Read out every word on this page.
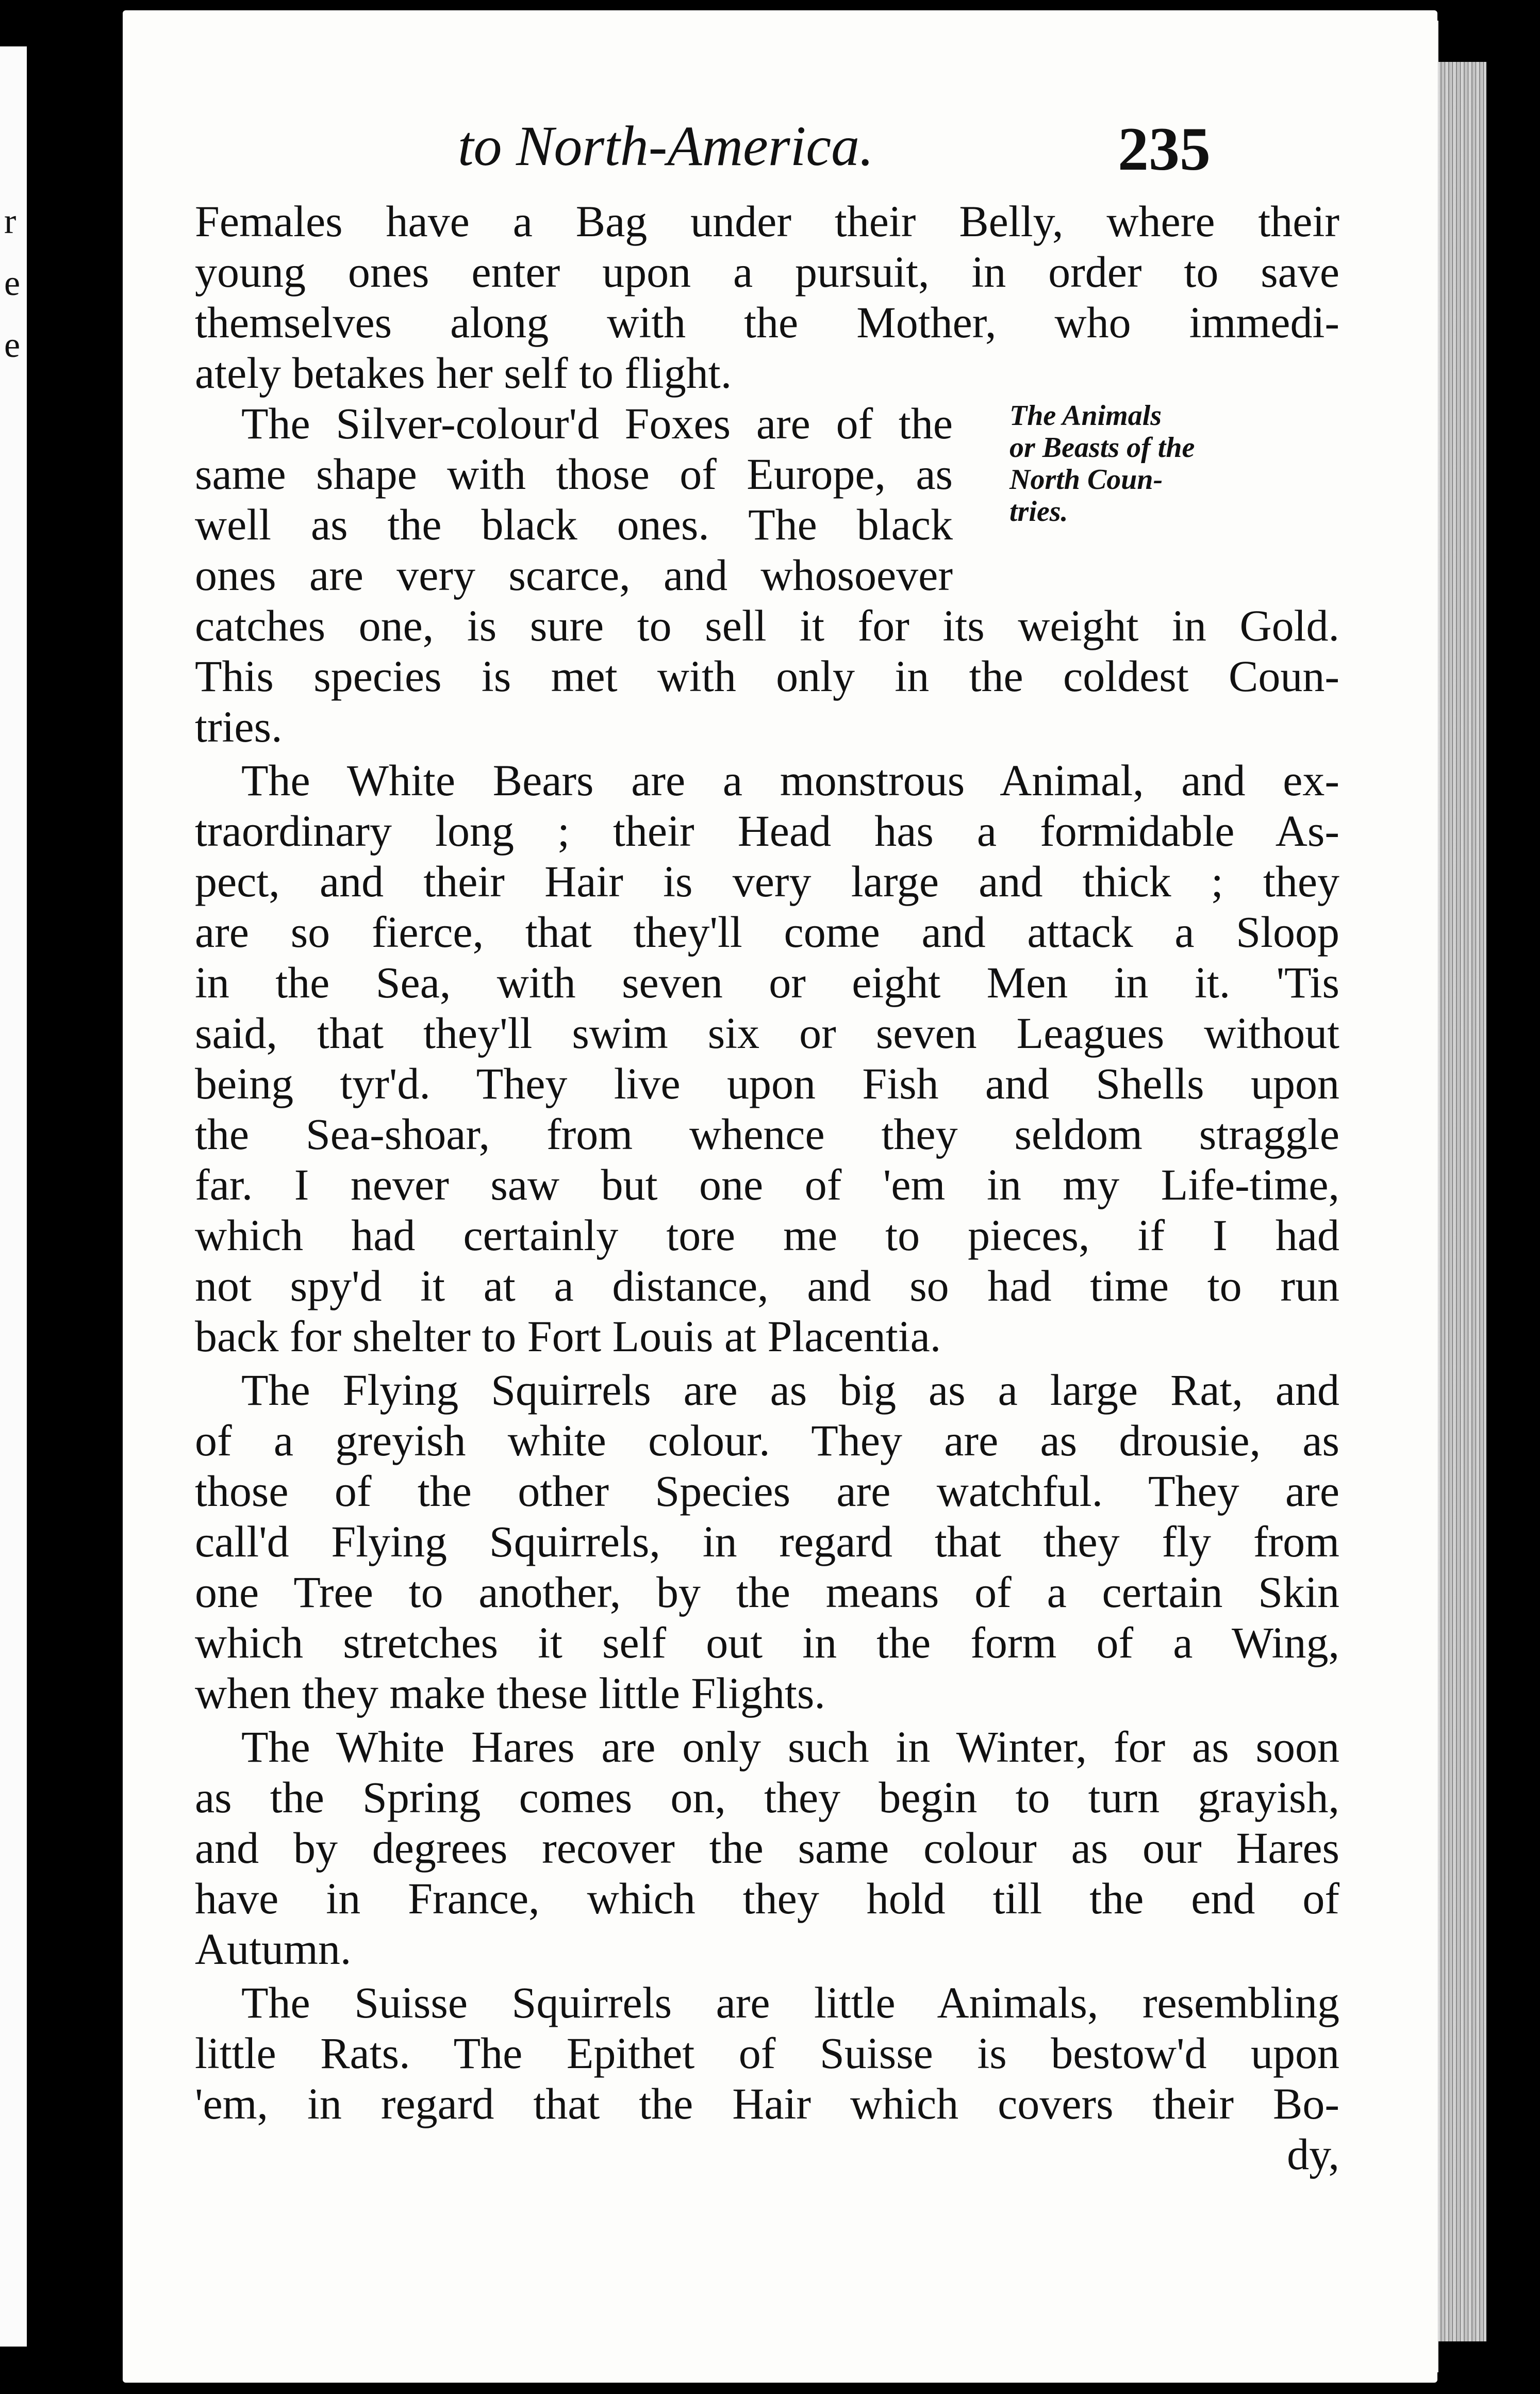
r
e
e
to North-America.	235
The Animals
or Beasts of the
North Coun-
tries.
Females have a Bag under their Belly, where their
young ones enter upon a pursuit, in order to save
themselves along with the Mother, who immedi-
ately betakes her self to flight.
The Silver-colour'd Foxes are of the
same shape with those of Europe, as
well as the black ones. The black
ones are very scarce, and whosoever
catches one, is sure to sell it for its weight in Gold.
This species is met with only in the coldest Coun-
tries.
The White Bears are a monstrous Animal, and ex-
traordinary long ; their Head has a formidable As-
pect, and their Hair is very large and thick ; they
are so fierce, that they'll come and attack a Sloop
in the Sea, with seven or eight Men in it. 'Tis
said, that they'll swim six or seven Leagues without
being tyr'd. They live upon Fish and Shells upon
the Sea-shoar, from whence they seldom straggle
far. I never saw but one of 'em in my Life-time,
which had certainly tore me to pieces, if I had
not spy'd it at a distance, and so had time to run
back for shelter to Fort Louis at Placentia.
The Flying Squirrels are as big as a large Rat, and
of a greyish white colour. They are as drousie, as
those of the other Species are watchful. They are
call'd Flying Squirrels, in regard that they fly from
one Tree to another, by the means of a certain Skin
which stretches it self out in the form of a Wing,
when they make these little Flights.
The White Hares are only such in Winter, for as soon
as the Spring comes on, they begin to turn grayish,
and by degrees recover the same colour as our Hares
have in France, which they hold till the end of
Autumn.
The Suisse Squirrels are little Animals, resembling
little Rats. The Epithet of Suisse is bestow'd upon
'em, in regard that the Hair which covers their Bo-
dy,
